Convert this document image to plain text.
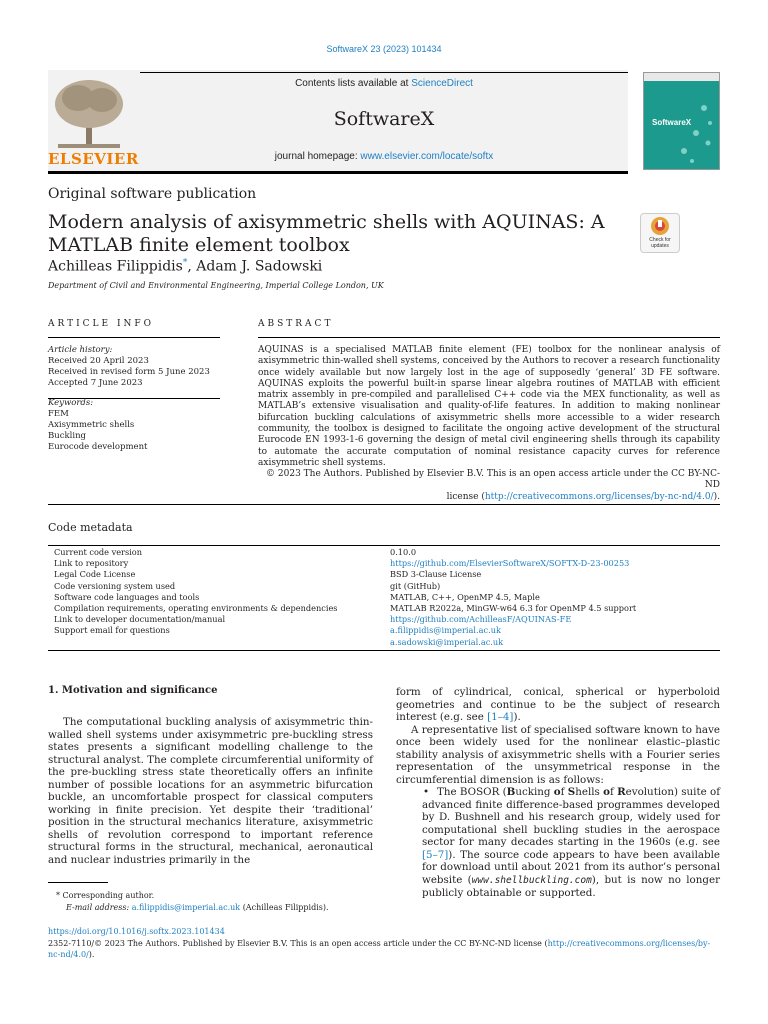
SoftwareX 23 (2023) 101434
ELSEVIER
Contents lists available at ScienceDirect
SoftwareX
journal homepage: www.elsevier.com/locate/softx
SoftwareX
Original software publication
Modern analysis of axisymmetric shells with AQUINAS: A MATLAB finite element toolbox	Check for updates
Achilleas Filippidis*, Adam J. Sadowski
Department of Civil and Environmental Engineering, Imperial College London, UK
ARTICLE INFO
Article history:
Received 20 April 2023
Received in revised form 5 June 2023
Accepted 7 June 2023
Keywords:
FEM
Axisymmetric shells
Buckling
Eurocode development
ABSTRACT
AQUINAS is a specialised MATLAB finite element (FE) toolbox for the nonlinear analysis of axisymmetric thin-walled shell systems, conceived by the Authors to recover a research functionality once widely available but now largely lost in the age of supposedly ‘general’ 3D FE software. AQUINAS exploits the powerful built-in sparse linear algebra routines of MATLAB with efficient matrix assembly in pre-compiled and parallelised C++ code via the MEX functionality, as well as MATLAB’s extensive visualisation and quality-of-life features. In addition to making nonlinear bifurcation buckling calculations of axisymmetric shells more accessible to a wider research community, the toolbox is designed to facilitate the ongoing active development of the structural Eurocode EN 1993-1-6 governing the design of metal civil engineering shells through its capability to automate the accurate computation of nominal resistance capacity curves for reference axisymmetric shell systems.
© 2023 The Authors. Published by Elsevier B.V. This is an open access article under the CC BY-NC-ND
license (http://creativecommons.org/licenses/by-nc-nd/4.0/).
Code metadata
Current code version	0.10.0
Link to repository	https://github.com/ElsevierSoftwareX/SOFTX-D-23-00253
Legal Code License	BSD 3-Clause License
Code versioning system used	git (GitHub)
Software code languages and tools	MATLAB, C++, OpenMP 4.5, Maple
Compilation requirements, operating environments & dependencies	MATLAB R2022a, MinGW-w64 6.3 for OpenMP 4.5 support
Link to developer documentation/manual	https://github.com/AchilleasF/AQUINAS-FE
Support email for questions	a.filippidis@imperial.ac.uk
	a.sadowski@imperial.ac.uk
1. Motivation and significance

The computational buckling analysis of axisymmetric thin-walled shell systems under axisymmetric pre-buckling stress states presents a significant modelling challenge to the structural analyst. The complete circumferential uniformity of the pre-buckling stress state theoretically offers an infinite number of possible locations for an asymmetric bifurcation buckle, an uncomfortable prospect for classical computers working in finite precision. Yet despite their ‘traditional’ position in the structural mechanics literature, axisymmetric shells of revolution correspond to important reference structural forms in the structural, mechanical, aeronautical and nuclear industries primarily in the

form of cylindrical, conical, spherical or hyperboloid geometries and continue to be the subject of research interest (e.g. see [1–4]).

A representative list of specialised software known to have once been widely used for the nonlinear elastic–plastic stability analysis of axisymmetric shells with a Fourier series representation of the unsymmetrical response in the circumferential dimension is as follows:

• The BOSOR (Bucking of Shells of Revolution) suite of advanced finite difference-based programmes developed by D. Bushnell and his research group, widely used for computational shell buckling studies in the aerospace sector for many decades starting in the 1960s (e.g. see [5–7]). The source code appears to have been available for download until about 2021 from its author’s personal website (www.shellbuckling.com), but is now no longer publicly obtainable or supported.

* Corresponding author.
E-mail address: a.filippidis@imperial.ac.uk (Achilleas Filippidis).
https://doi.org/10.1016/j.softx.2023.101434
2352-7110/© 2023 The Authors. Published by Elsevier B.V. This is an open access article under the CC BY-NC-ND license (http://creativecommons.org/licenses/by-nc-nd/4.0/).
